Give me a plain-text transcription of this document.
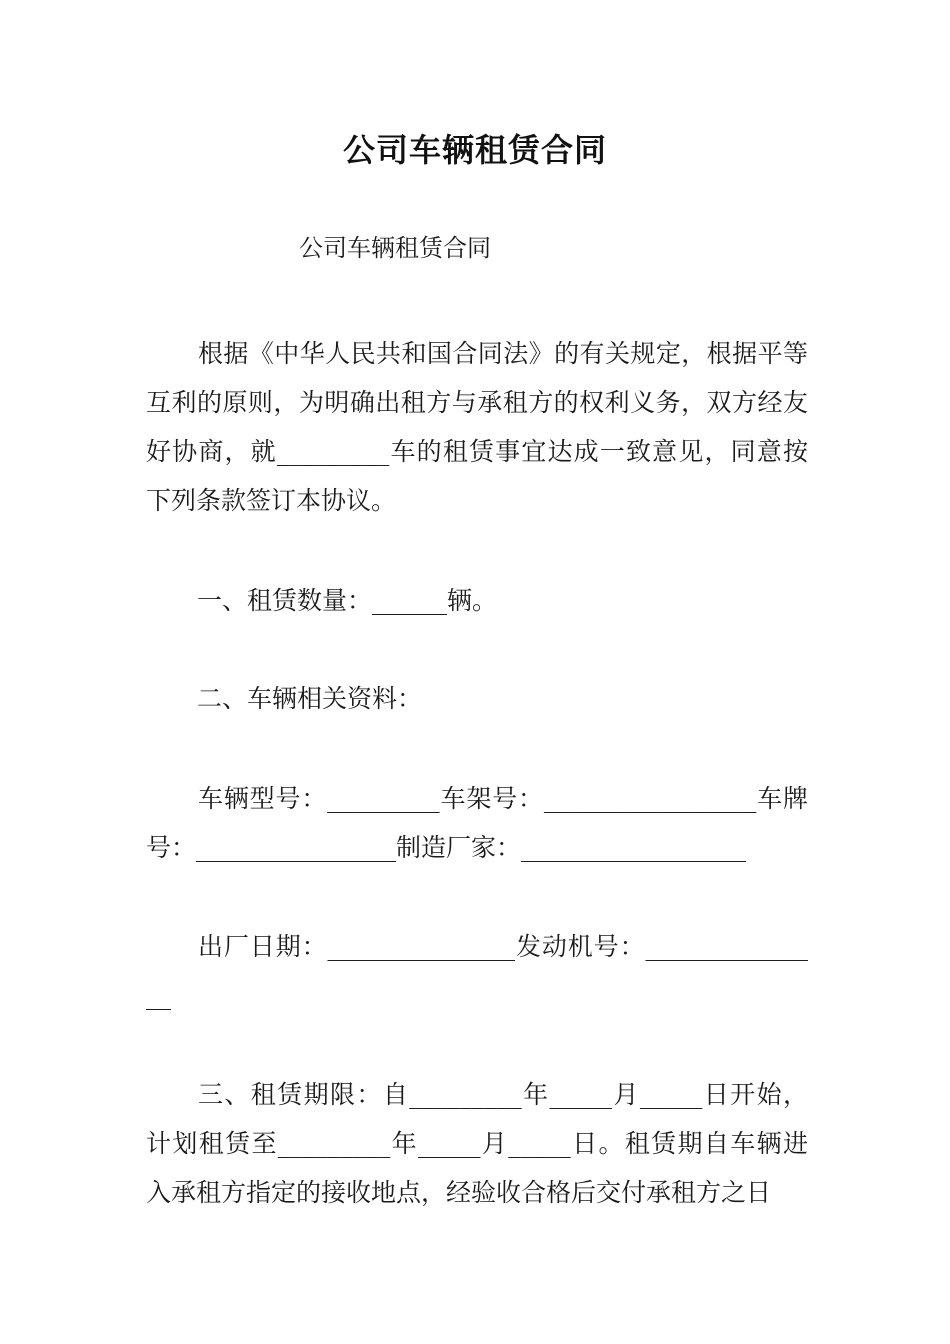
公司车辆租赁合同
公司车辆租赁合同
根据《中华人民共和国合同法》的有关规定，根据平等互利的原则，为明确出租方与承租方的权利义务，双方经友好协商，就_________车的租赁事宜达成一致意见，同意按下列条款签订本协议。
一、租赁数量：______辆。
二、车辆相关资料：
车辆型号：_________车架号：_________________车牌号：________________制造厂家：__________________
出厂日期：_______________发动机号：_______________
三、租赁期限：自_________年_____月_____日开始，计划租赁至_________年_____月_____日。租赁期自车辆进入承租方指定的接收地点，经验收合格后交付承租方之日
